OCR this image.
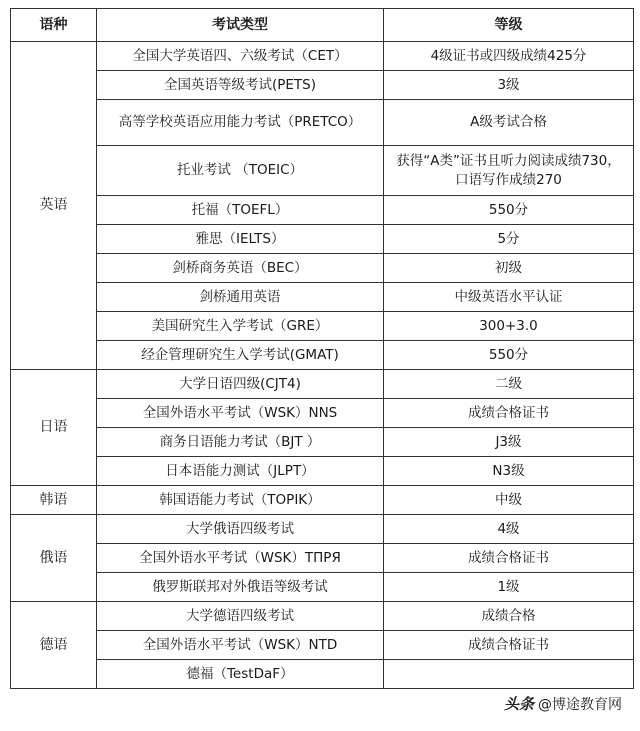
语种	考试类型	等级
英语	全国大学英语四、六级考试（CET）	4级证书或四级成绩425分
	全国英语等级考试(PETS)	3级
	高等学校英语应用能力考试（PRETCO）	A级考试合格
	托业考试 （TOEIC）	获得“A类”证书且听力阅读成绩730，口语写作成绩270
	托福（TOEFL）	550分
	雅思（IELTS）	5分
	剑桥商务英语（BEC）	初级
	剑桥通用英语	中级英语水平认证
	美国研究生入学考试（GRE）	300+3.0
	经企管理研究生入学考试(GMAT)	550分
日语	大学日语四级(CJT4)	二级
	全国外语水平考试（WSK）NNS	成绩合格证书
	商务日语能力考试（BJT ）	J3级
	日本语能力测试（JLPT）	N3级
韩语	韩国语能力考试（TOPIK）	中级
俄语	大学俄语四级考试	4级
	全国外语水平考试（WSK）TΠPЯ	成绩合格证书
	俄罗斯联邦对外俄语等级考试	1级
德语	大学德语四级考试	成绩合格
	全国外语水平考试（WSK）NTD	成绩合格证书
	德福（TestDaF）	
头条 @博途教育网
